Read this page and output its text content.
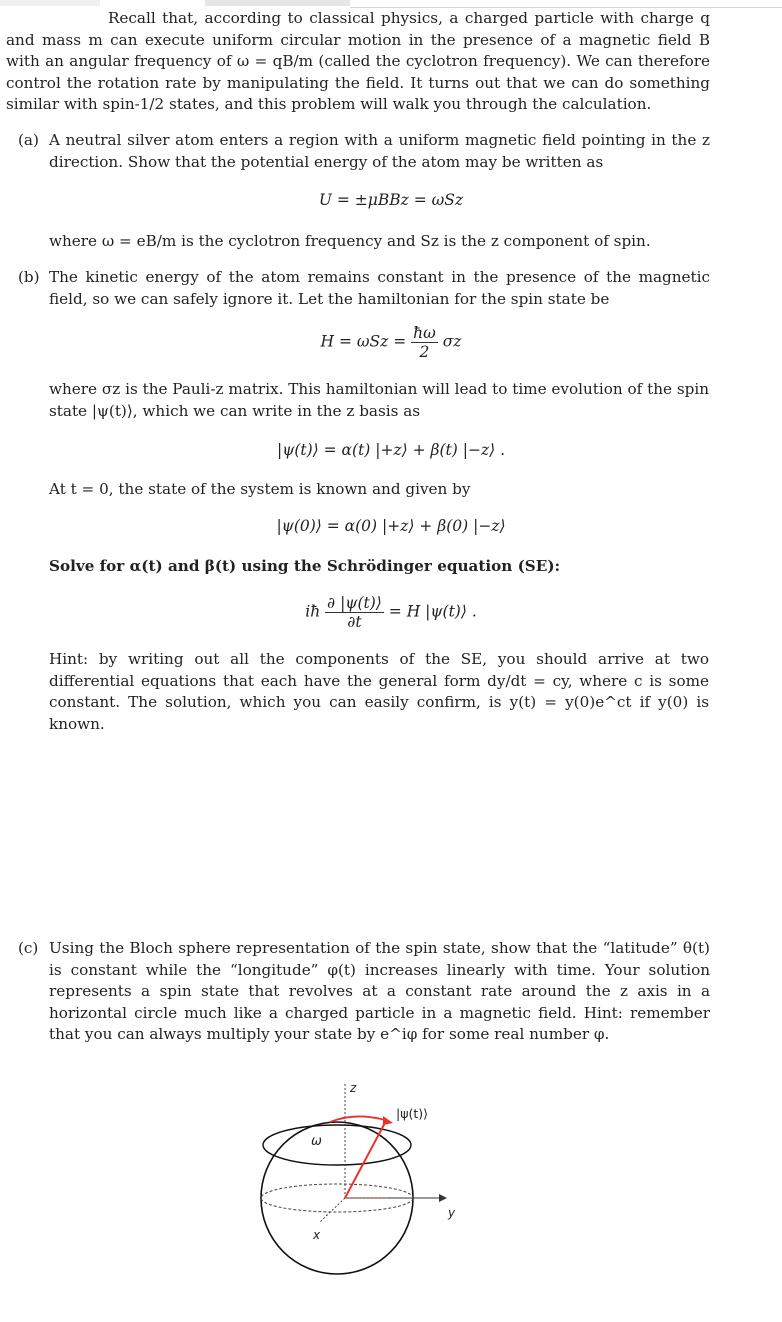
Recall that, according to classical physics, a charged particle with charge q and mass m can execute uniform circular motion in the presence of a magnetic field B with an angular frequency of ω = qB/m (called the cyclotron frequency). We can therefore control the rotation rate by manipulating the field. It turns out that we can do something similar with spin-1/2 states, and this problem will walk you through the calculation.
(a) A neutral silver atom enters a region with a uniform magnetic field pointing in the z direction. Show that the potential energy of the atom may be written as
U = ±μBBz = ωSz
where ω = eB/m is the cyclotron frequency and Sz is the z component of spin.
(b) The kinetic energy of the atom remains constant in the presence of the magnetic field, so we can safely ignore it. Let the hamiltonian for the spin state be
$H = \omega Sz = \frac{ħ\omega}{2}$ σz
where σz is the Pauli-z matrix. This hamiltonian will lead to time evolution of the spin state |ψ(t)⟩, which we can write in the z basis as
|ψ(t)⟩ = α(t) |+z⟩ + β(t) |−z⟩ .
At t = 0, the state of the system is known and given by
|ψ(0)⟩ = α(0) |+z⟩ + β(0) |−z⟩
Solve for α(t) and β(t) using the Schrödinger equation (SE):
iħ $\frac{\partial |\psi(t)⟩}{\partial t} = H$ |ψ(t)⟩ .
Hint: by writing out all the components of the SE, you should arrive at two differential equations that each have the general form dy/dt = cy, where c is some constant. The solution, which you can easily confirm, is y(t) = y(0)e^ct if y(0) is known.
(c) Using the Bloch sphere representation of the spin state, show that the “latitude” θ(t) is constant while the “longitude” φ(t) increases linearly with time. Your solution represents a spin state that revolves at a constant rate around the z axis in a horizontal circle much like a charged particle in a magnetic field. Hint: remember that you can always multiply your state by e^iφ for some real number φ.
z
ω
|ψ(t)⟩
y
x
